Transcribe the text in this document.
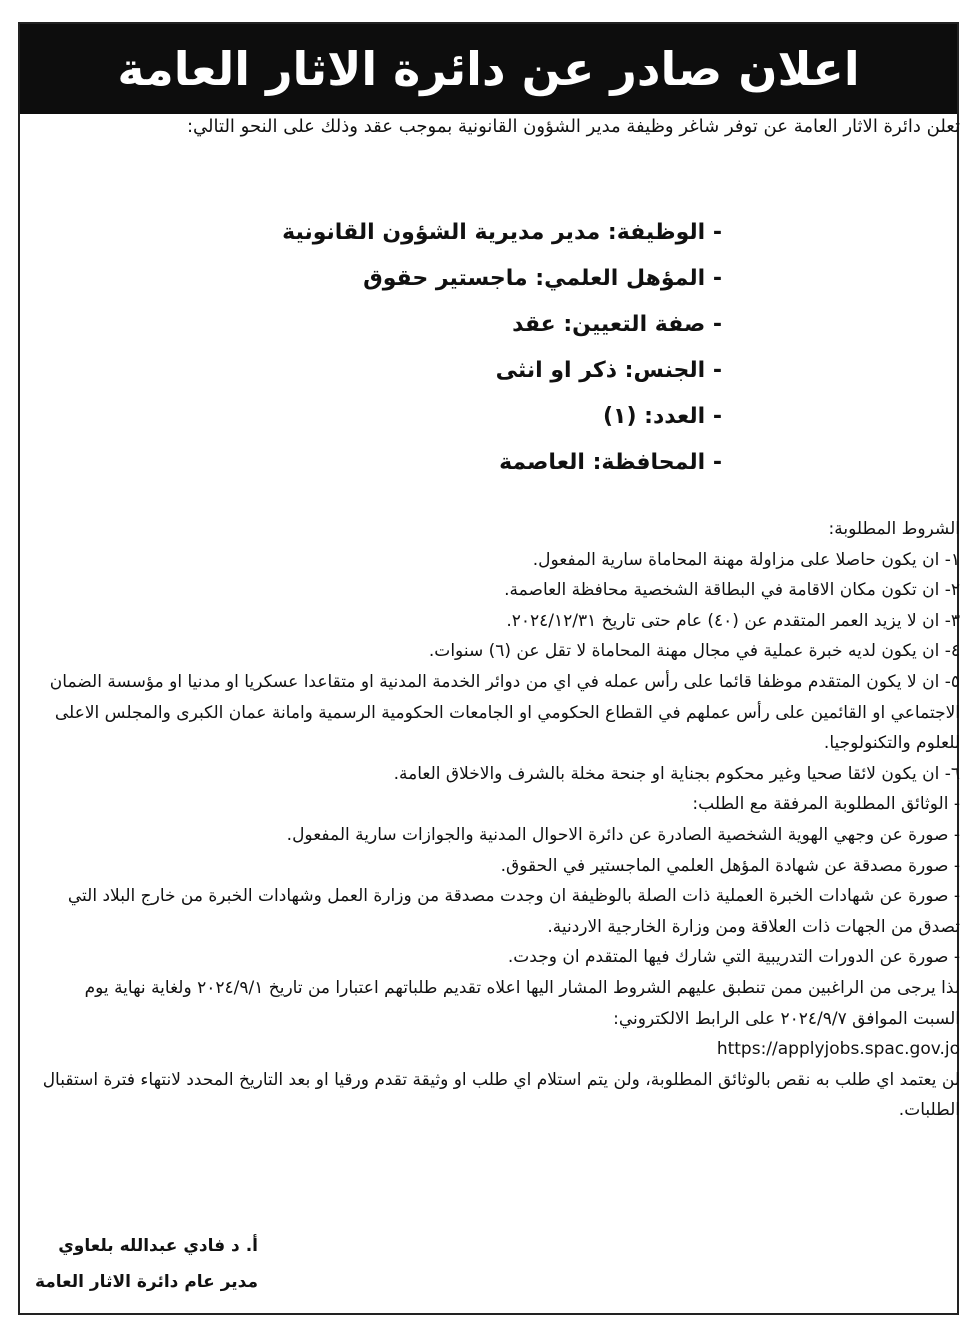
اعلان صادر عن دائرة الاثار العامة
تعلن دائرة الاثار العامة عن توفر شاغر وظيفة مدير الشؤون القانونية بموجب عقد وذلك على النحو التالي:
- الوظيفة: مدير مديرية الشؤون القانونية
- المؤهل العلمي: ماجستير حقوق
- صفة التعيين: عقد
- الجنس: ذكر او انثى
- العدد: (١)
- المحافظة: العاصمة

الشروط المطلوبة:

١- ان يكون حاصلا على مزاولة مهنة المحاماة سارية المفعول.

٢- ان تكون مكان الاقامة في البطاقة الشخصية محافظة العاصمة.

٣- ان لا يزيد العمر المتقدم عن (٤٠) عام حتى تاريخ ٢٠٢٤/١٢/٣١.

٤- ان يكون لديه خبرة عملية في مجال مهنة المحاماة لا تقل عن (٦) سنوات.

٥- ان لا يكون المتقدم موظفا قائما على رأس عمله في اي من دوائر الخدمة المدنية او متقاعدا عسكريا او مدنيا او مؤسسة الضمان الاجتماعي او القائمين على رأس عملهم في القطاع الحكومي او الجامعات الحكومية الرسمية وامانة عمان الكبرى والمجلس الاعلى للعلوم والتكنولوجيا.

٦- ان يكون لائقا صحيا وغير محكوم بجناية او جنحة مخلة بالشرف والاخلاق العامة.

- الوثائق المطلوبة المرفقة مع الطلب:

- صورة عن وجهي الهوية الشخصية الصادرة عن دائرة الاحوال المدنية والجوازات سارية المفعول.

- صورة مصدقة عن شهادة المؤهل العلمي الماجستير في الحقوق.

- صورة عن شهادات الخبرة العملية ذات الصلة بالوظيفة ان وجدت مصدقة من وزارة العمل وشهادات الخبرة من خارج البلاد التي تصدق من الجهات ذات العلاقة ومن وزارة الخارجية الاردنية.

- صورة عن الدورات التدريبية التي شارك فيها المتقدم ان وجدت.

لذا يرجى من الراغبين ممن تنطبق عليهم الشروط المشار اليها اعلاه تقديم طلباتهم اعتبارا من تاريخ ٢٠٢٤/٩/١ ولغاية نهاية يوم السبت الموافق ٢٠٢٤/٩/٧ على الرابط الالكتروني:

https://applyjobs.spac.gov.jo

لن يعتمد اي طلب به نقص بالوثائق المطلوبة، ولن يتم استلام اي طلب او وثيقة تقدم ورقيا او بعد التاريخ المحدد لانتهاء فترة استقبال الطلبات.

أ. د فادي عبدالله بلعاوي
مدير عام دائرة الاثار العامة
